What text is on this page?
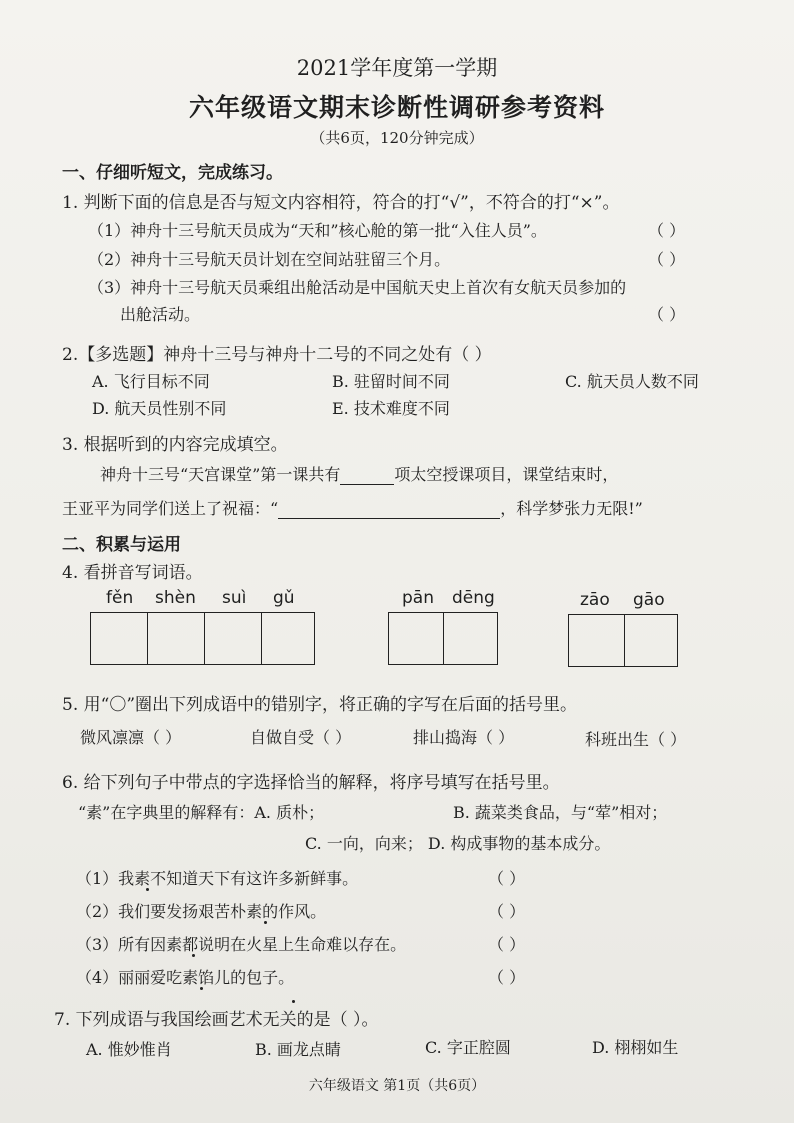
2021学年度第一学期
六年级语文期末诊断性调研参考资料
（共6页，120分钟完成）
一、仔细听短文，完成练习。
1. 判断下面的信息是否与短文内容相符，符合的打“√”，不符合的打“×”。
（1）神舟十三号航天员成为“天和”核心舱的第一批“入住人员”。	（ ）
（2）神舟十三号航天员计划在空间站驻留三个月。	（ ）
（3）神舟十三号航天员乘组出舱活动是中国航天史上首次有女航天员参加的
出舱活动。	（ ）
2.【多选题】神舟十三号与神舟十二号的不同之处有（ ）
A. 飞行目标不同	B. 驻留时间不同	C. 航天员人数不同
D. 航天员性别不同	E. 技术难度不同
3. 根据听到的内容完成填空。
神舟十三号“天宫课堂”第一课共有	项太空授课项目，课堂结束时，
王亚平为同学们送上了祝福：“	，科学梦张力无限!”
二、积累与运用
4. 看拼音写词语。
fěn shèn suì gǔ	pān dēng	zāo gāo
5. 用“〇”圈出下列成语中的错别字，将正确的字写在后面的括号里。
微风凛凛（ ）	自做自受（ ）	排山捣海（ ）	科班出生（ ）
6. 给下列句子中带点的字选择恰当的解释，将序号填写在括号里。
“素”在字典里的解释有：A. 质朴；	B. 蔬菜类食品，与“荤”相对；
C. 一向，向来； D. 构成事物的基本成分。
（1）我素不知道天下有这许多新鲜事。	（ ）
（2）我们要发扬艰苦朴素的作风。	（ ）
（3）所有因素都说明在火星上生命难以存在。	（ ）
（4）丽丽爱吃素馅儿的包子。	（ ）
7. 下列成语与我国绘画艺术无关的是（ ）。
A. 惟妙惟肖	B. 画龙点睛	C. 字正腔圆	D. 栩栩如生
六年级语文 第1页（共6页）
